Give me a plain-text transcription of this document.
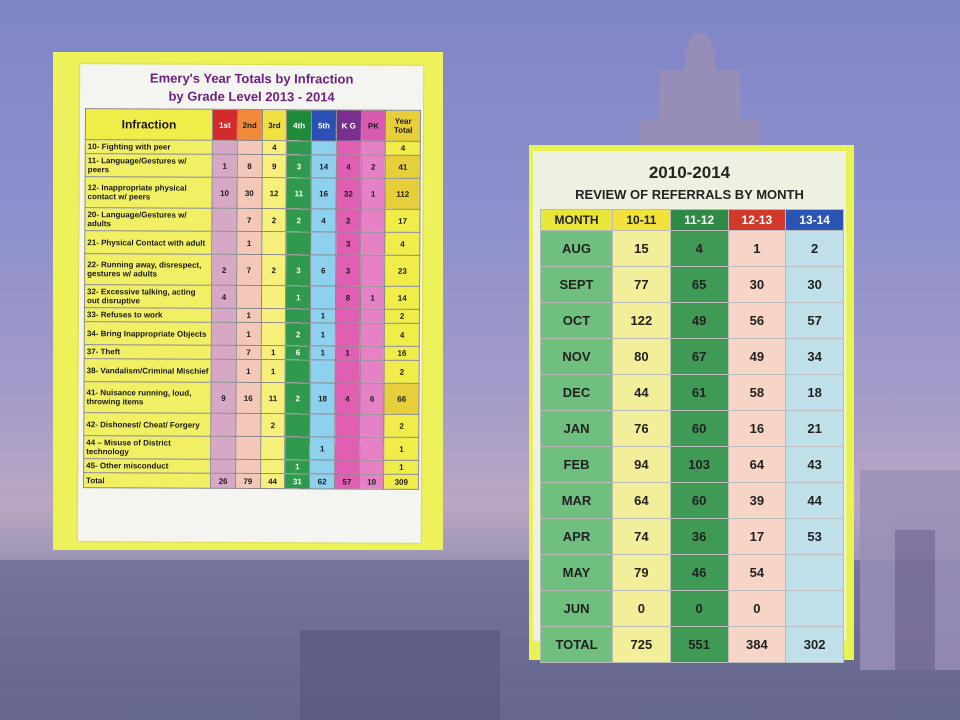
Emery's Year Totals by Infraction
by Grade Level 2013 - 2014
Infraction	1st	2nd	3rd	4th	5th	K G	PK	Year Total
10- Fighting with peer			4					4
11- Language/Gestures w/ peers	1	8	9	3	14	4	2	41
12- Inappropriate physical contact w/ peers	10	30	12	11	16	32	1	112
20- Language/Gestures w/ adults		7	2	2	4	2		17
21- Physical Contact with adult		1				3		4
22- Running away, disrespect, gestures w/ adults	2	7	2	3	6	3		23
32- Excessive talking, acting out disruptive	4			1		8	1	14
33- Refuses to work		1			1			2
34- Bring Inappropriate Objects		1		2	1			4
37- Theft		7	1	6	1	1		16
38- Vandalism/Criminal Mischief		1	1					2
41- Nuisance running, loud, throwing items	9	16	11	2	18	4	6	66
42- Dishonest/ Cheat/ Forgery			2					2
44 – Misuse of District technology					1			1
45- Other misconduct				1				1
Total	26	79	44	31	62	57	10	309
2010-2014
REVIEW OF REFERRALS BY MONTH
MONTH	10-11	11-12	12-13	13-14
AUG	15	4	1	2
SEPT	77	65	30	30
OCT	122	49	56	57
NOV	80	67	49	34
DEC	44	61	58	18
JAN	76	60	16	21
FEB	94	103	64	43
MAR	64	60	39	44
APR	74	36	17	53
MAY	79	46	54	
JUN	0	0	0	
TOTAL	725	551	384	302
